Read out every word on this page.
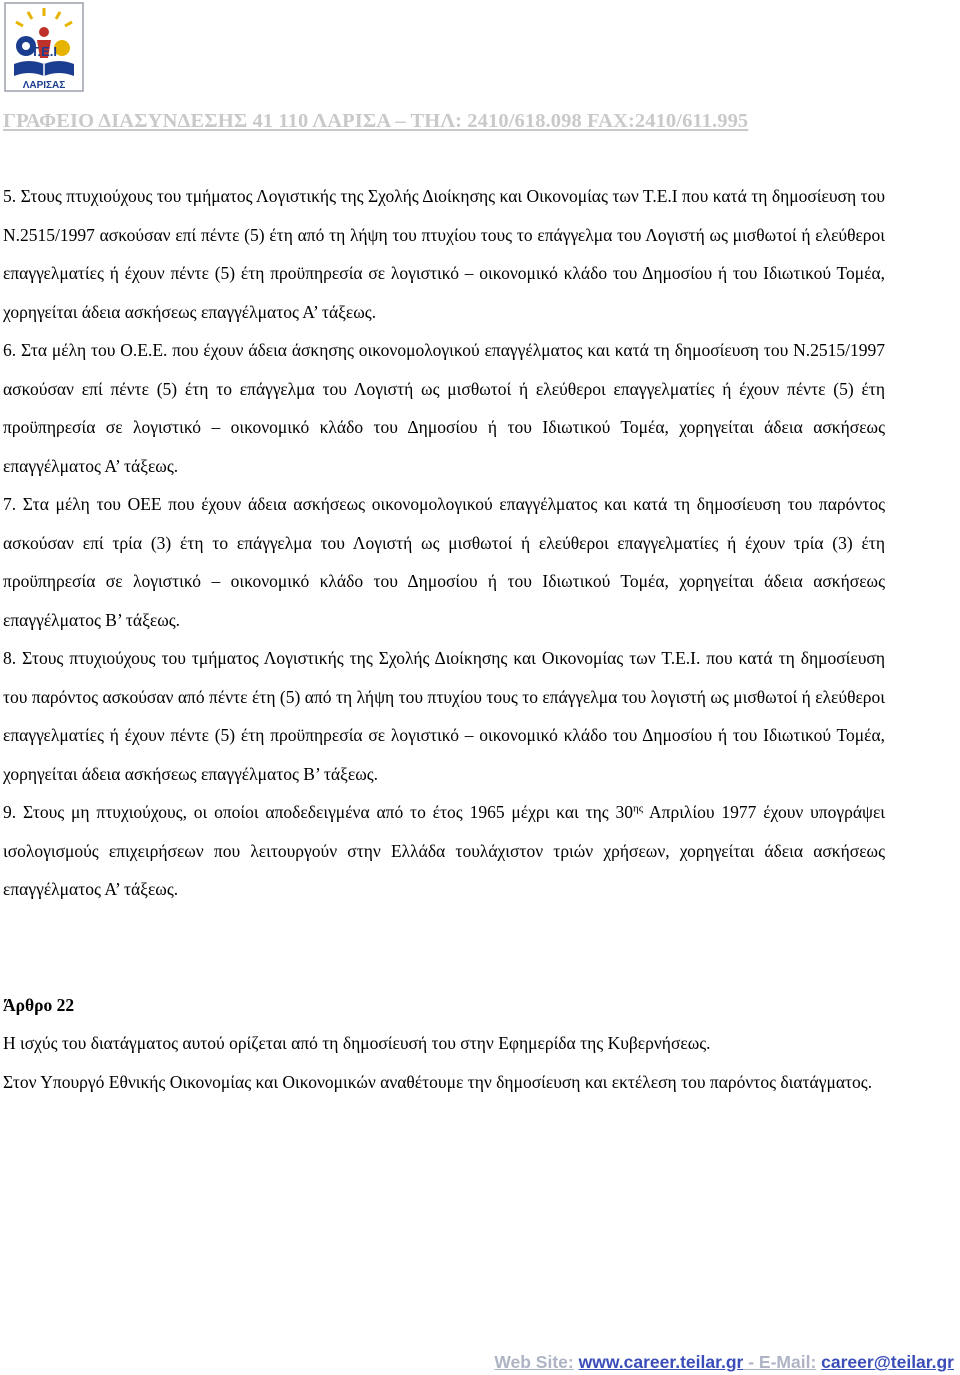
Τ.Ε.Ι
ΛΑΡΙΣΑΣ
ΓΡΑΦΕΙΟ ΔΙΑΣΥΝΔΕΣΗΣ 41 110 ΛΑΡΙΣΑ – ΤΗΛ: 2410/618.098 FAX:2410/611.995

5. Στους πτυχιούχους του τμήματος Λογιστικής της Σχολής Διοίκησης και Οικονομίας των Τ.Ε.Ι που κατά τη δημοσίευση του Ν.2515/1997 ασκούσαν επί πέντε (5) έτη από τη λήψη του πτυχίου τους το επάγγελμα του Λογιστή ως μισθωτοί ή ελεύθεροι επαγγελματίες ή έχουν πέντε (5) έτη προϋπηρεσία σε λογιστικό – οικονομικό κλάδο του Δημοσίου ή του Ιδιωτικού Τομέα, χορηγείται άδεια ασκήσεως επαγγέλματος Α’ τάξεως.

6. Στα μέλη του Ο.Ε.Ε. που έχουν άδεια άσκησης οικονομολογικού επαγγέλματος και κατά τη δημοσίευση του Ν.2515/1997 ασκούσαν επί πέντε (5) έτη το επάγγελμα του Λογιστή ως μισθωτοί ή ελεύθεροι επαγγελματίες ή έχουν πέντε (5) έτη προϋπηρεσία σε λογιστικό – οικονομικό κλάδο του Δημοσίου ή του Ιδιωτικού Τομέα, χορηγείται άδεια ασκήσεως επαγγέλματος Α’ τάξεως.

7. Στα μέλη του ΟΕΕ που έχουν άδεια ασκήσεως οικονομολογικού επαγγέλματος και κατά τη δημοσίευση του παρόντος ασκούσαν επί τρία (3) έτη το επάγγελμα του Λογιστή ως μισθωτοί ή ελεύθεροι επαγγελματίες ή έχουν τρία (3) έτη προϋπηρεσία σε λογιστικό – οικονομικό κλάδο του Δημοσίου ή του Ιδιωτικού Τομέα, χορηγείται άδεια ασκήσεως επαγγέλματος Β’ τάξεως.

8. Στους πτυχιούχους του τμήματος Λογιστικής της Σχολής Διοίκησης και Οικονομίας των Τ.Ε.Ι. που κατά τη δημοσίευση του παρόντος ασκούσαν από πέντε έτη (5) από τη λήψη του πτυχίου τους το επάγγελμα του λογιστή ως μισθωτοί ή ελεύθεροι επαγγελματίες ή έχουν πέντε (5) έτη προϋπηρεσία σε λογιστικό – οικονομικό κλάδο του Δημοσίου ή του Ιδιωτικού Τομέα, χορηγείται άδεια ασκήσεως επαγγέλματος Β’ τάξεως.

9. Στους μη πτυχιούχους, οι οποίοι αποδεδειγμένα από το έτος 1965 μέχρι και της $30^{\eta\varsigma}$ Απριλίου 1977 έχουν υπογράψει ισολογισμούς επιχειρήσεων που λειτουργούν στην Ελλάδα τουλάχιστον τριών χρήσεων, χορηγείται άδεια ασκήσεως επαγγέλματος Α’ τάξεως.

Άρθρο 22

Η ισχύς του διατάγματος αυτού ορίζεται από τη δημοσίευσή του στην Εφημερίδα της Κυβερνήσεως.

Στον Υπουργό Εθνικής Οικονομίας και Οικονομικών αναθέτουμε την δημοσίευση και εκτέλεση του παρόντος διατάγματος.

Web Site: www.career.teilar.gr - E-Mail: career@teilar.gr
